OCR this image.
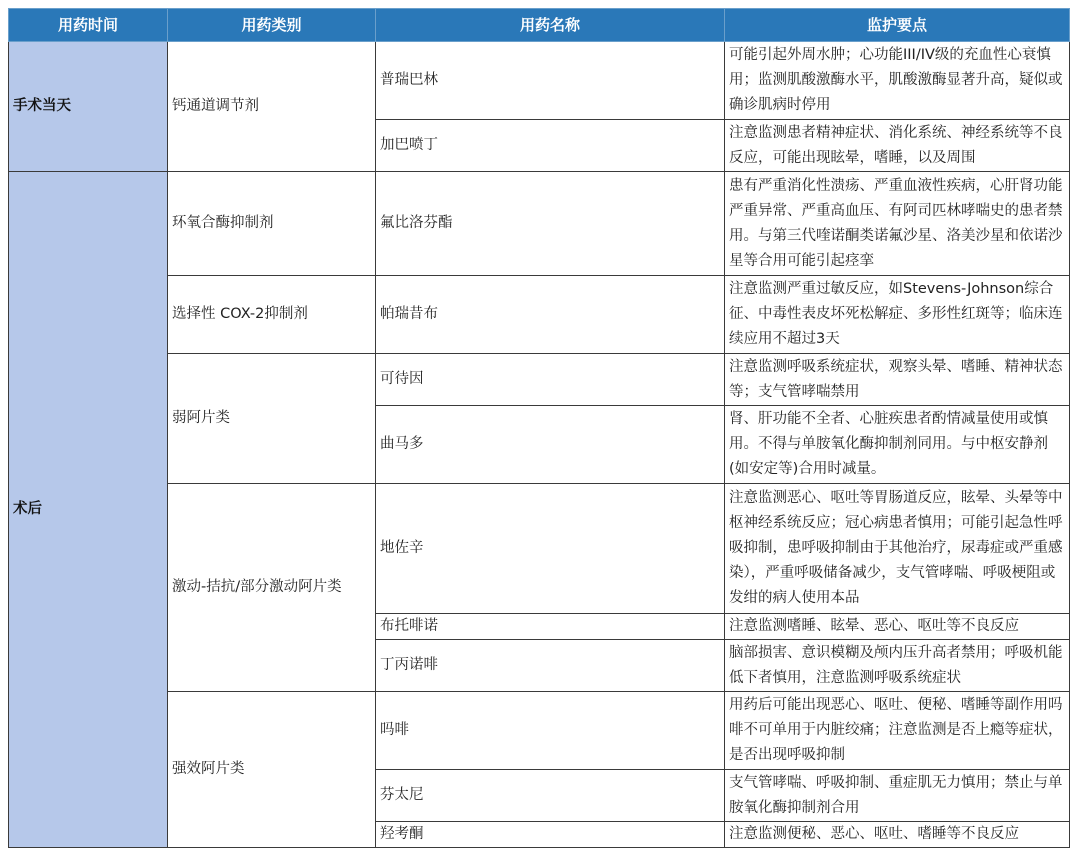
用药时间	用药类别	用药名称	监护要点
手术当天	钙通道调节剂	普瑞巴林	可能引起外周水肿；心功能III/IV级的充血性心衰慎用；监测肌酸激酶水平，肌酸激酶显著升高，疑似或确诊肌病时停用
		加巴喷丁	注意监测患者精神症状、消化系统、神经系统等不良反应，可能出现眩晕，嗜睡，以及周围
术后	环氧合酶抑制剂	氟比洛芬酯	患有严重消化性溃疡、严重血液性疾病，心肝肾功能严重异常、严重高血压、有阿司匹林哮喘史的患者禁用。与第三代喹诺酮类诺氟沙星、洛美沙星和依诺沙星等合用可能引起痉挛
	选择性 COX-2抑制剂	帕瑞昔布	注意监测严重过敏反应，如Stevens-Johnson综合征、中毒性表皮坏死松解症、多形性红斑等；临床连续应用不超过3天
	弱阿片类	可待因	注意监测呼吸系统症状，观察头晕、嗜睡、精神状态等；支气管哮喘禁用
		曲马多	肾、肝功能不全者、心脏疾患者酌情减量使用或慎用。不得与单胺氧化酶抑制剂同用。与中枢安静剂(如安定等)合用时减量。
	激动-拮抗/部分激动阿片类	地佐辛	注意监测恶心、呕吐等胃肠道反应，眩晕、头晕等中枢神经系统反应；冠心病患者慎用；可能引起急性呼吸抑制，患呼吸抑制由于其他治疗，尿毒症或严重感染），严重呼吸储备减少，支气管哮喘、呼吸梗阻或发绀的病人使用本品
		布托啡诺	注意监测嗜睡、眩晕、恶心、呕吐等不良反应
		丁丙诺啡	脑部损害、意识模糊及颅内压升高者禁用；呼吸机能低下者慎用，注意监测呼吸系统症状
	强效阿片类	吗啡	用药后可能出现恶心、呕吐、便秘、嗜睡等副作用吗啡不可单用于内脏绞痛；注意监测是否上瘾等症状，是否出现呼吸抑制
		芬太尼	支气管哮喘、呼吸抑制、重症肌无力慎用；禁止与单胺氧化酶抑制剂合用
		羟考酮	注意监测便秘、恶心、呕吐、嗜睡等不良反应
